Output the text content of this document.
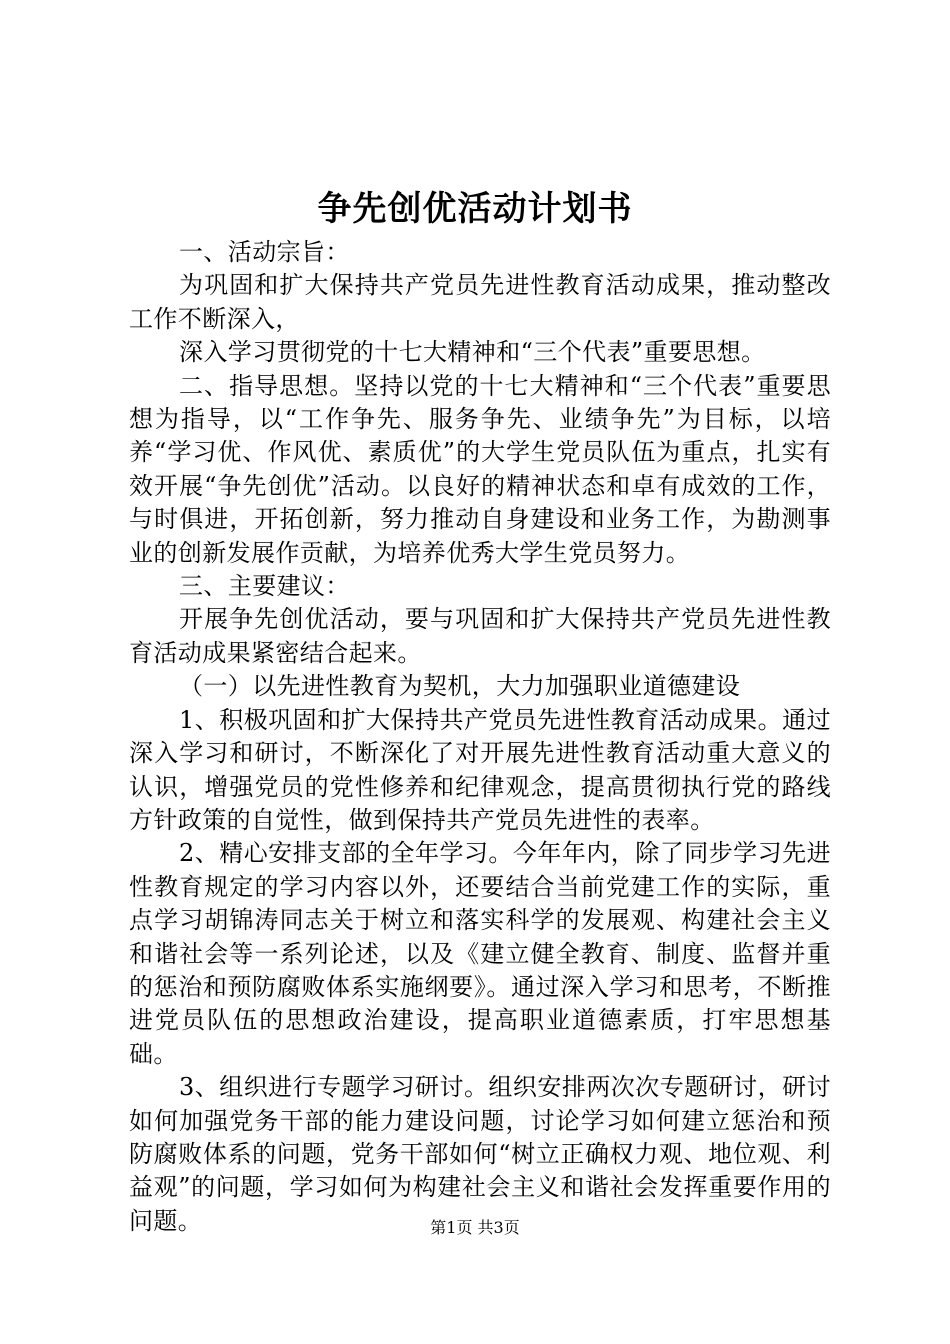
争先创优活动计划书

一、活动宗旨：

为巩固和扩大保持共产党员先进性教育活动成果，推动整改工作不断深入，

深入学习贯彻党的十七大精神和“三个代表”重要思想。

二、指导思想。坚持以党的十七大精神和“三个代表”重要思想为指导，以“工作争先、服务争先、业绩争先”为目标，以培养“学习优、作风优、素质优”的大学生党员队伍为重点，扎实有效开展“争先创优”活动。以良好的精神状态和卓有成效的工作，与时俱进，开拓创新，努力推动自身建设和业务工作，为勘测事业的创新发展作贡献，为培养优秀大学生党员努力。

三、主要建议：

开展争先创优活动，要与巩固和扩大保持共产党员先进性教育活动成果紧密结合起来。

（一）以先进性教育为契机，大力加强职业道德建设

1、积极巩固和扩大保持共产党员先进性教育活动成果。通过深入学习和研讨，不断深化了对开展先进性教育活动重大意义的认识，增强党员的党性修养和纪律观念，提高贯彻执行党的路线方针政策的自觉性，做到保持共产党员先进性的表率。

2、精心安排支部的全年学习。今年年内，除了同步学习先进性教育规定的学习内容以外，还要结合当前党建工作的实际，重点学习胡锦涛同志关于树立和落实科学的发展观、构建社会主义和谐社会等一系列论述，以及《建立健全教育、制度、监督并重的惩治和预防腐败体系实施纲要》。通过深入学习和思考，不断推进党员队伍的思想政治建设，提高职业道德素质，打牢思想基础。

3、组织进行专题学习研讨。组织安排两次次专题研讨，研讨如何加强党务干部的能力建设问题，讨论学习如何建立惩治和预防腐败体系的问题，党务干部如何“树立正确权力观、地位观、利益观”的问题，学习如何为构建社会主义和谐社会发挥重要作用的问题。	第1页 共3页
